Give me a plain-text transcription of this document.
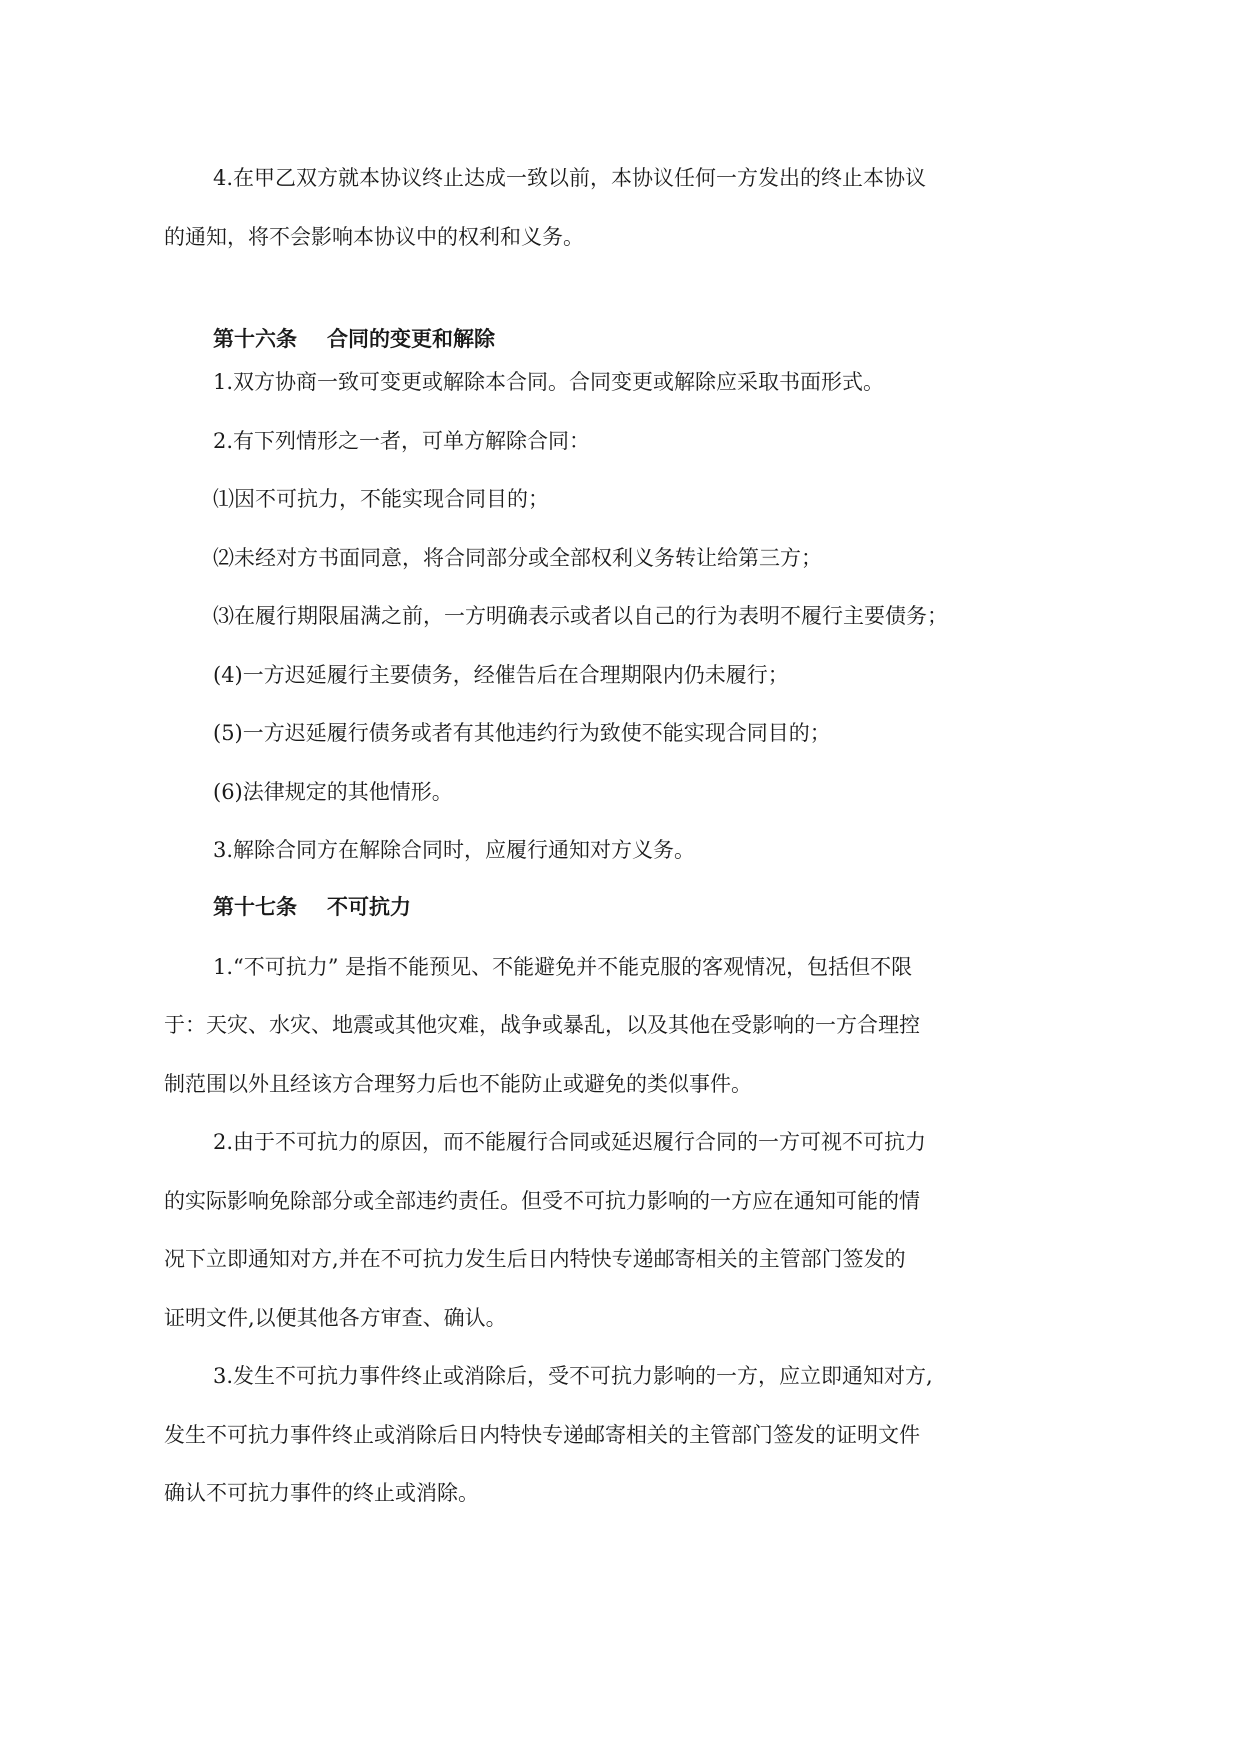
4.在甲乙双方就本协议终止达成一致以前，本协议任何一方发出的终止本协议
的通知，将不会影响本协议中的权利和义务。
第十六条 合同的变更和解除
1.双方协商一致可变更或解除本合同。合同变更或解除应采取书面形式。
2.有下列情形之一者，可单方解除合同：
⑴因不可抗力，不能实现合同目的；
⑵未经对方书面同意，将合同部分或全部权利义务转让给第三方；
⑶在履行期限届满之前，一方明确表示或者以自己的行为表明不履行主要债务；
(4)一方迟延履行主要债务，经催告后在合理期限内仍未履行；
(5)一方迟延履行债务或者有其他违约行为致使不能实现合同目的；
(6)法律规定的其他情形。
3.解除合同方在解除合同时，应履行通知对方义务。
第十七条 不可抗力
1.“不可抗力” 是指不能预见、不能避免并不能克服的客观情况，包括但不限
于：天灾、水灾、地震或其他灾难，战争或暴乱，以及其他在受影响的一方合理控
制范围以外且经该方合理努力后也不能防止或避免的类似事件。
2.由于不可抗力的原因，而不能履行合同或延迟履行合同的一方可视不可抗力
的实际影响免除部分或全部违约责任。但受不可抗力影响的一方应在通知可能的情
况下立即通知对方,并在不可抗力发生后日内特快专递邮寄相关的主管部门签发的
证明文件,以便其他各方审查、确认。
3.发生不可抗力事件终止或消除后，受不可抗力影响的一方，应立即通知对方,
发生不可抗力事件终止或消除后日内特快专递邮寄相关的主管部门签发的证明文件
确认不可抗力事件的终止或消除。
